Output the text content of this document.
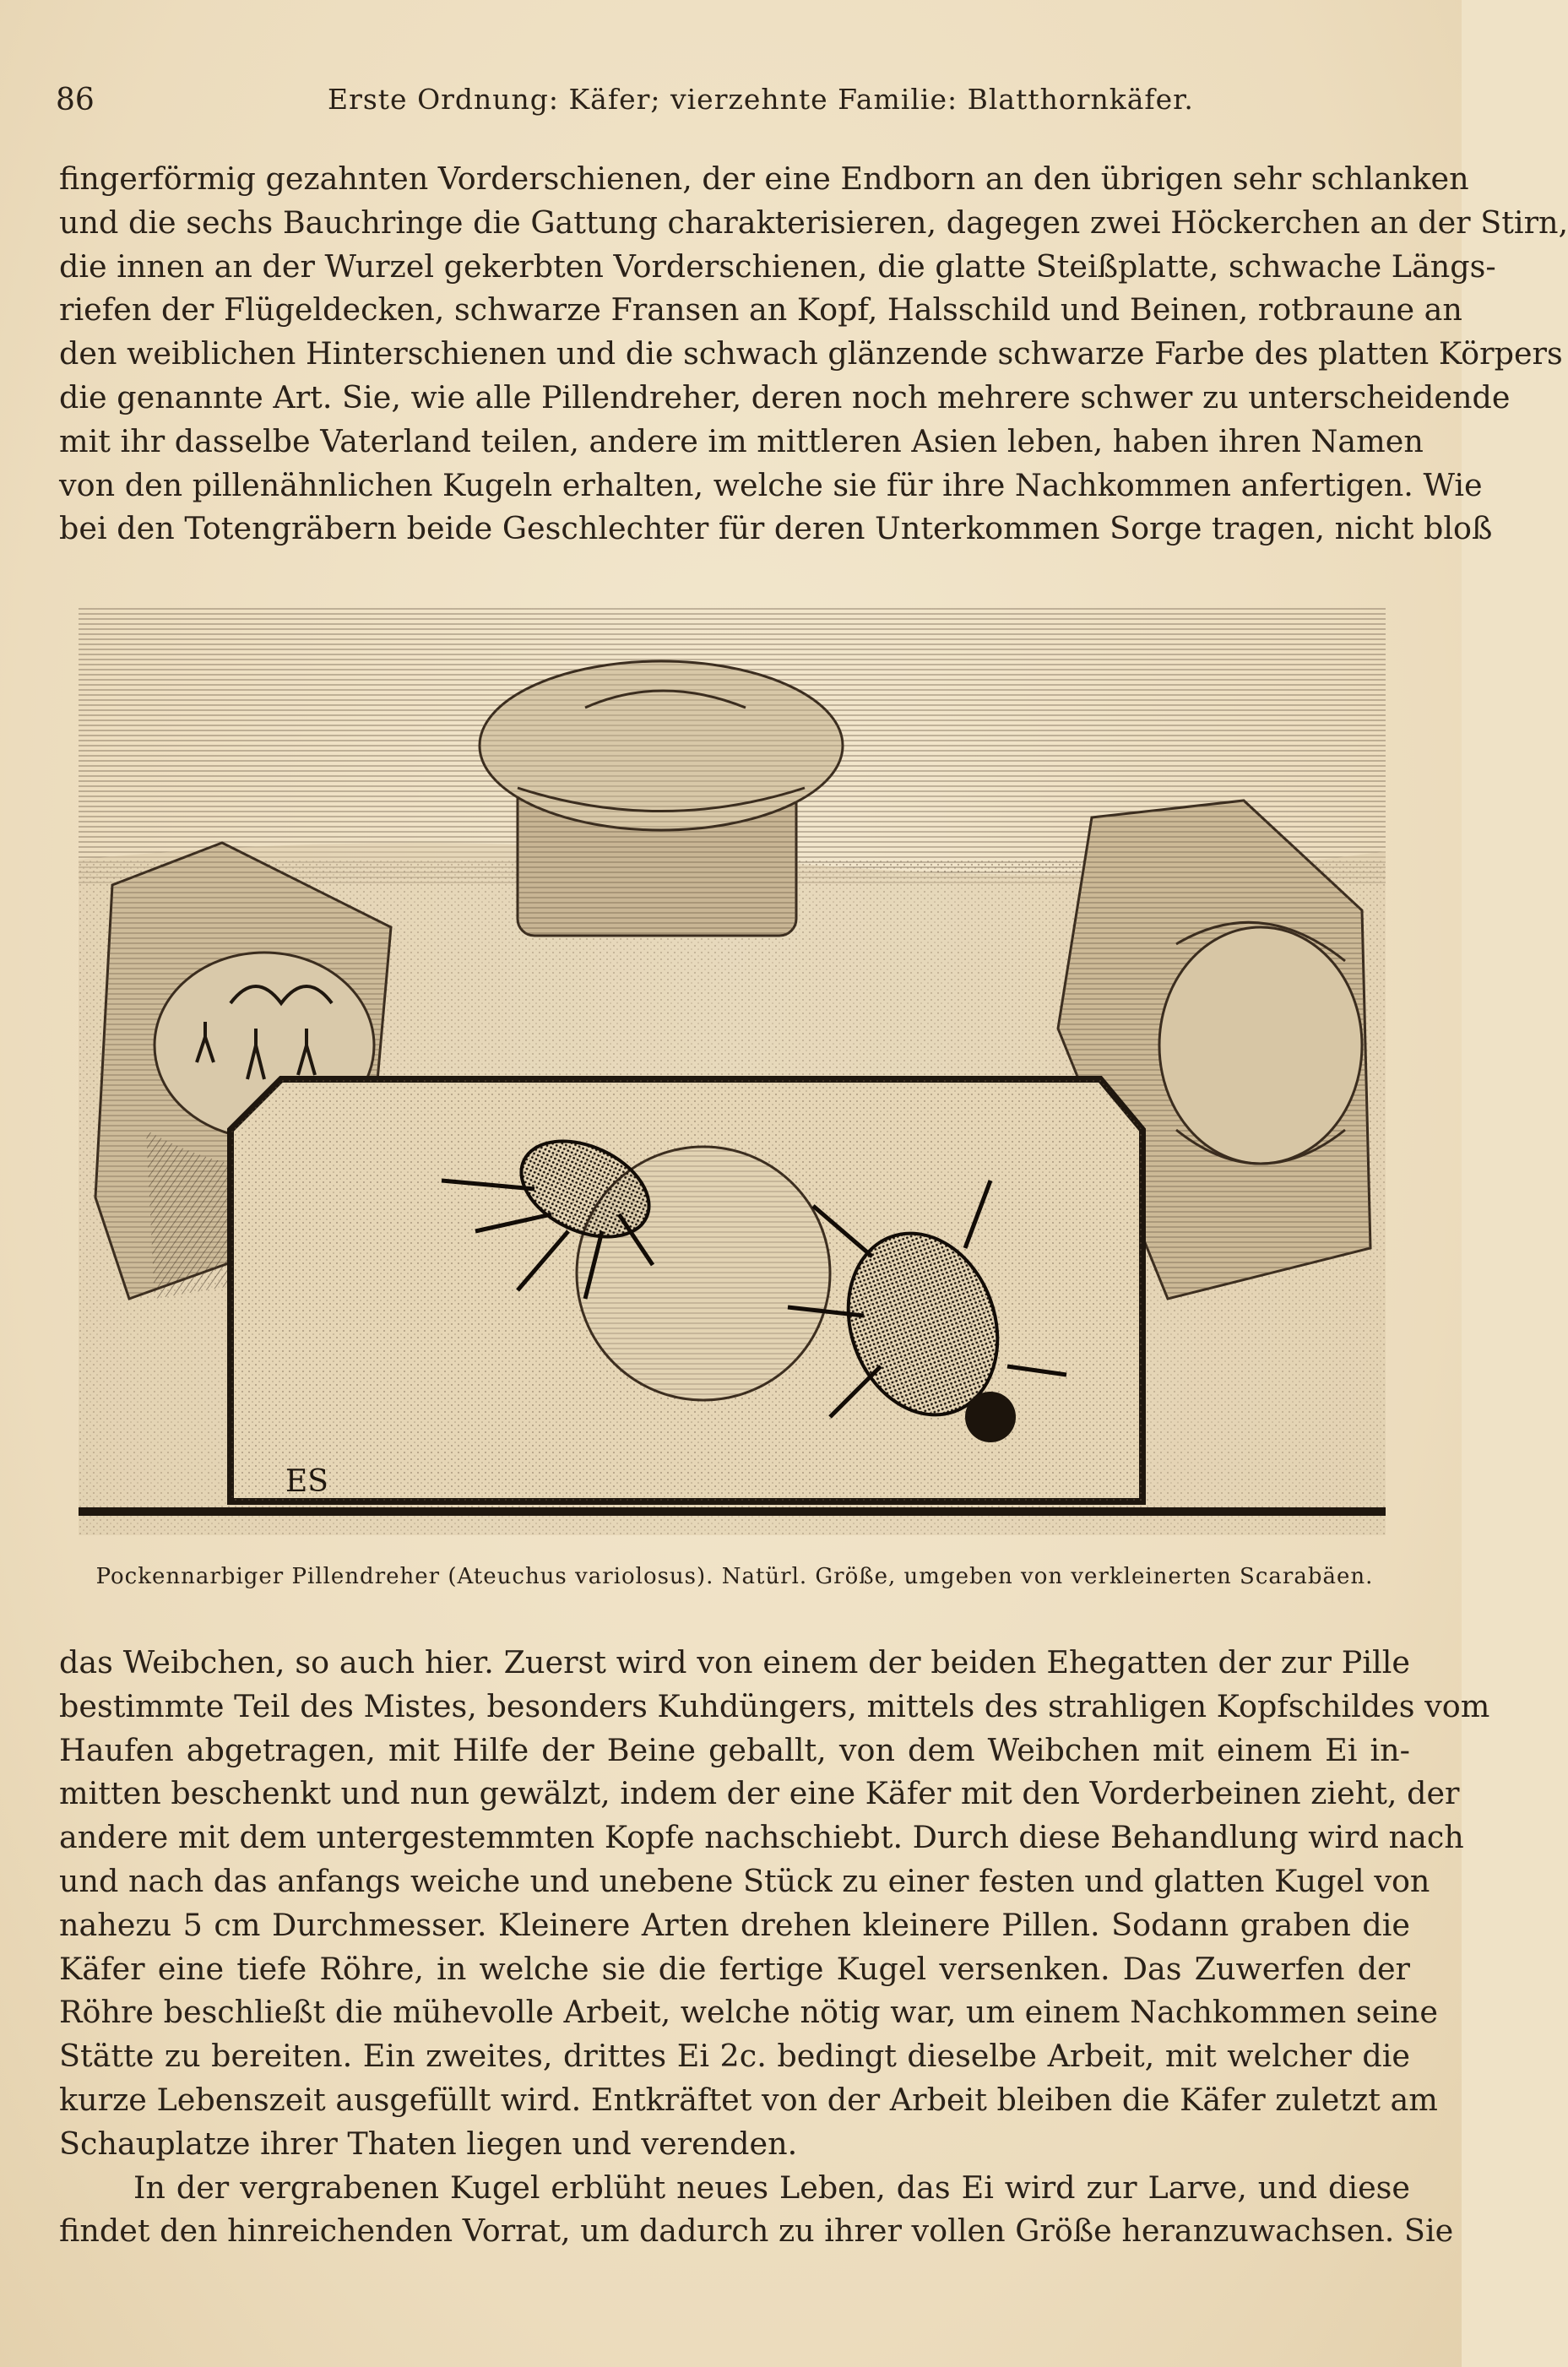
86	Erste Ordnung: Käfer; vierzehnte Familie: Blatthornkäfer.
fingerförmig gezahnten Vorderschienen, der eine Endborn an den übrigen sehr schlanken
und die sechs Bauchringe die Gattung charakterisieren, dagegen zwei Höckerchen an der Stirn,
die innen an der Wurzel gekerbten Vorderschienen, die glatte Steißplatte, schwache Längs-
riefen der Flügeldecken, schwarze Fransen an Kopf, Halsschild und Beinen, rotbraune an
den weiblichen Hinterschienen und die schwach glänzende schwarze Farbe des platten Körpers
die genannte Art. Sie, wie alle Pillendreher, deren noch mehrere schwer zu unterscheidende
mit ihr dasselbe Vaterland teilen, andere im mittleren Asien leben, haben ihren Namen
von den pillenähnlichen Kugeln erhalten, welche sie für ihre Nachkommen anfertigen. Wie
bei den Totengräbern beide Geschlechter für deren Unterkommen Sorge tragen, nicht bloß
ES
Pockennarbiger Pillendreher (Ateuchus variolosus). Natürl. Größe, umgeben von verkleinerten Scarabäen.
das Weibchen, so auch hier. Zuerst wird von einem der beiden Ehegatten der zur Pille
bestimmte Teil des Mistes, besonders Kuhdüngers, mittels des strahligen Kopfschildes vom
Haufen abgetragen, mit Hilfe der Beine geballt, von dem Weibchen mit einem Ei in-
mitten beschenkt und nun gewälzt, indem der eine Käfer mit den Vorderbeinen zieht, der
andere mit dem untergestemmten Kopfe nachschiebt. Durch diese Behandlung wird nach
und nach das anfangs weiche und unebene Stück zu einer festen und glatten Kugel von
nahezu 5 cm Durchmesser. Kleinere Arten drehen kleinere Pillen. Sodann graben die
Käfer eine tiefe Röhre, in welche sie die fertige Kugel versenken. Das Zuwerfen der
Röhre beschließt die mühevolle Arbeit, welche nötig war, um einem Nachkommen seine
Stätte zu bereiten. Ein zweites, drittes Ei 2c. bedingt dieselbe Arbeit, mit welcher die
kurze Lebenszeit ausgefüllt wird. Entkräftet von der Arbeit bleiben die Käfer zuletzt am
Schauplatze ihrer Thaten liegen und verenden.
In der vergrabenen Kugel erblüht neues Leben, das Ei wird zur Larve, und diese
findet den hinreichenden Vorrat, um dadurch zu ihrer vollen Größe heranzuwachsen. Sie
